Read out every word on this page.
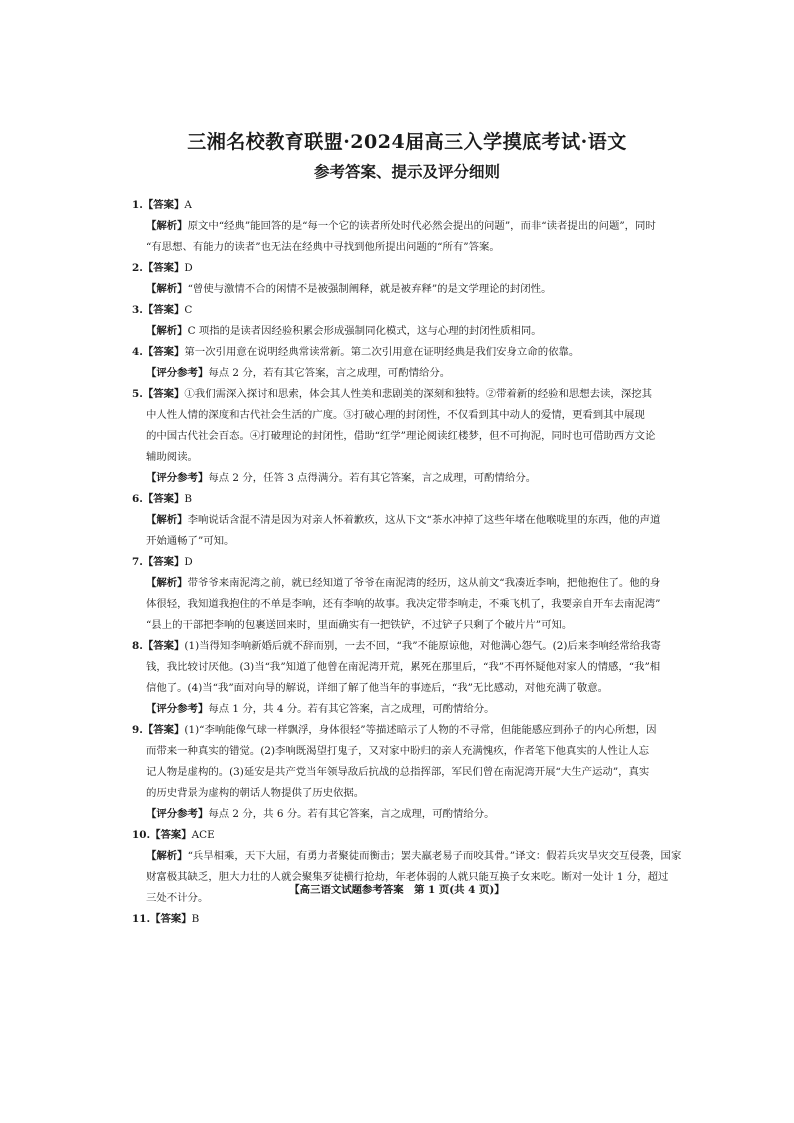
三湘名校教育联盟·2024届高三入学摸底考试·语文
参考答案、提示及评分细则
1.【答案】A
【解析】原文中“经典”能回答的是“每一个它的读者所处时代必然会提出的问题”，而非“读者提出的问题”，同时
“有思想、有能力的读者”也无法在经典中寻找到他所提出问题的“所有”答案。
2.【答案】D
【解析】“曾使与激情不合的闲情不是被强制阐释，就是被弃释”的是文学理论的封闭性。
3.【答案】C
【解析】C 项指的是读者因经验积累会形成强制同化模式，这与心理的封闭性质相同。
4.【答案】第一次引用意在说明经典常读常新。第二次引用意在证明经典是我们安身立命的依靠。
【评分参考】每点 2 分，若有其它答案，言之成理，可酌情给分。
5.【答案】①我们需深入探讨和思索，体会其人性美和悲剧美的深刻和独特。②带着新的经验和思想去读，深挖其
中人性人情的深度和古代社会生活的广度。③打破心理的封闭性，不仅看到其中动人的爱情，更看到其中展现
的中国古代社会百态。④打破理论的封闭性，借助“红学”理论阅读红楼梦，但不可拘泥，同时也可借助西方文论
辅助阅读。
【评分参考】每点 2 分，任答 3 点得满分。若有其它答案，言之成理，可酌情给分。
6.【答案】B
【解析】李响说话含混不清是因为对亲人怀着歉疚，这从下文“茶水冲掉了这些年堵在他喉咙里的东西，他的声道
开始通畅了”可知。
7.【答案】D
【解析】带爷爷来南泥湾之前，就已经知道了爷爷在南泥湾的经历，这从前文“我凑近李响，把他抱住了。他的身
体很轻，我知道我抱住的不单是李响，还有李响的故事。我决定带李响走，不乘飞机了，我要亲自开车去南泥湾”
“县上的干部把李响的包裹送回来时，里面确实有一把铁铲，不过铲子只剩了个破片片”可知。
8.【答案】(1)当得知李响新婚后就不辞而别，一去不回，“我”不能原谅他，对他满心怨气。(2)后来李响经常给我寄
钱，我比较讨厌他。(3)当“我”知道了他曾在南泥湾开荒，累死在那里后，“我”不再怀疑他对家人的情感，“我”相
信他了。(4)当“我”面对向导的解说，详细了解了他当年的事迹后，“我”无比感动，对他充满了敬意。
【评分参考】每点 1 分，共 4 分。若有其它答案，言之成理，可酌情给分。
9.【答案】(1)“李响能像气球一样飘浮，身体很轻”等描述暗示了人物的不寻常，但能能感应到孙子的内心所想，因
而带来一种真实的错觉。(2)李响既渴望打鬼子，又对家中盼归的亲人充满愧疚，作者笔下他真实的人性让人忘
记人物是虚构的。(3)延安是共产党当年领导敌后抗战的总指挥部，军民们曾在南泥湾开展“大生产运动”，真实
的历史背景为虚构的朝话人物提供了历史依据。
【评分参考】每点 2 分，共 6 分。若有其它答案，言之成理，可酌情给分。
10.【答案】ACE
【解析】“兵旱相乘，天下大屈，有勇力者聚徒而衡击；罢夫羸老易子而咬其骨。”译文：假若兵灾旱灾交互侵袭，国家
财富极其缺乏，胆大力壮的人就会聚集歹徒横行抢劫，年老体弱的人就只能互换子女来吃。断对一处计 1 分，超过
三处不计分。
11.【答案】B
【高三语文试题参考答案　第 1 页(共 4 页)】
